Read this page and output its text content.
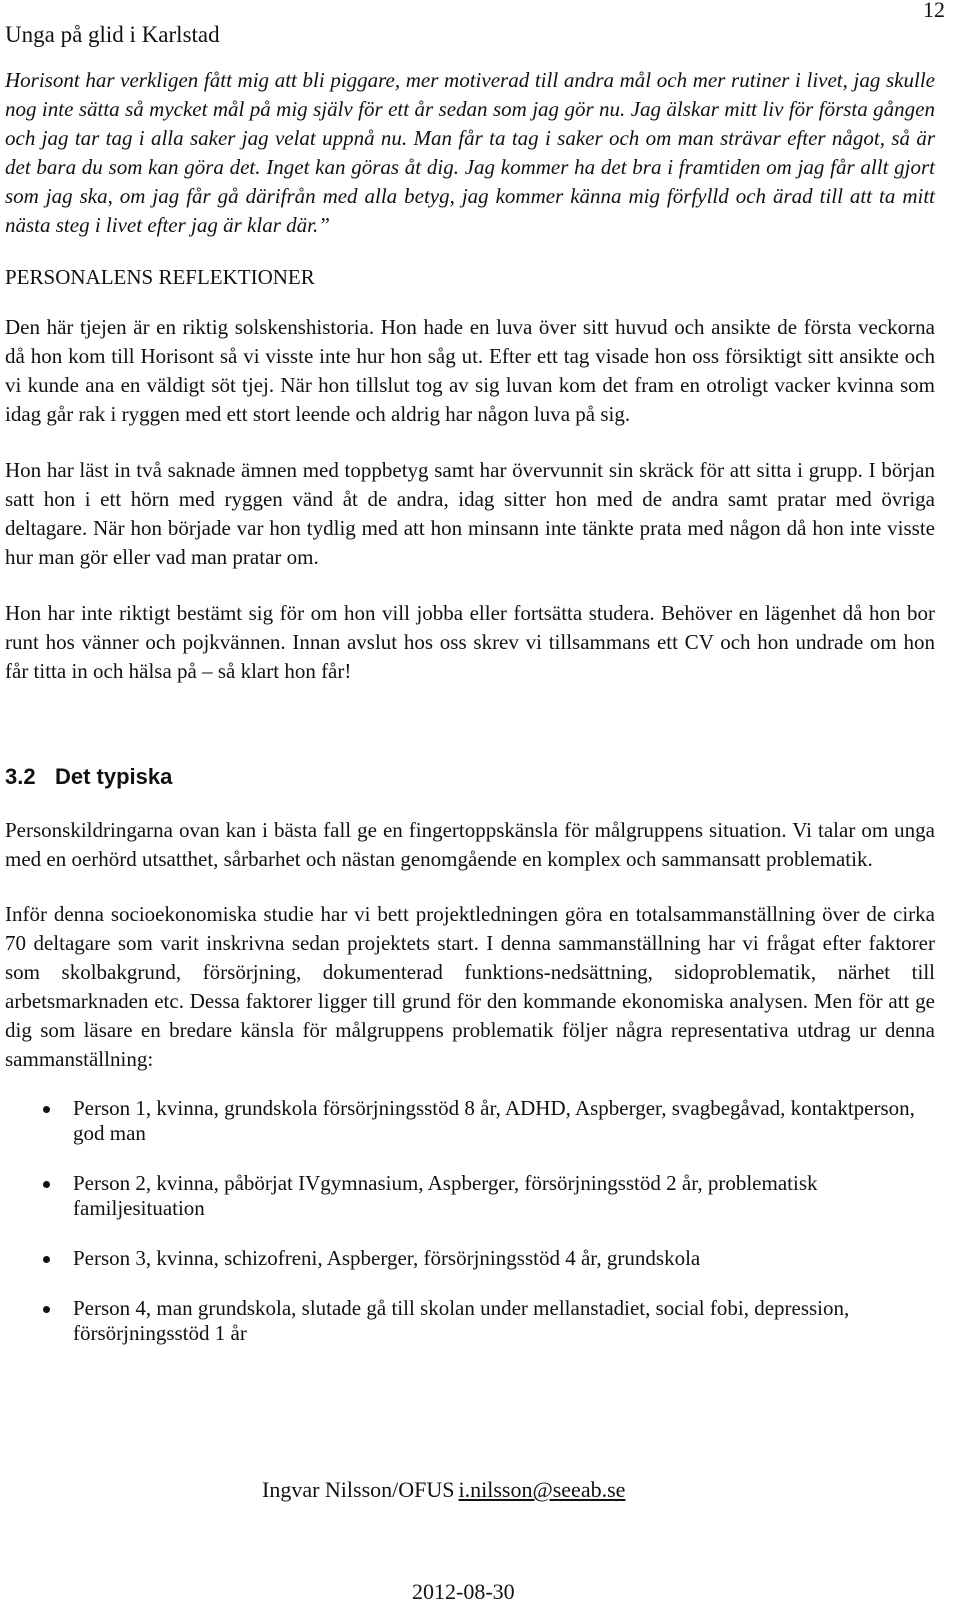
Unga på glid i Karlstad
12

Horisont har verkligen fått mig att bli piggare, mer motiverad till andra mål och mer rutiner i livet, jag skulle nog inte sätta så mycket mål på mig själv för ett år sedan som jag gör nu. Jag älskar mitt liv för första gången och jag tar tag i alla saker jag velat uppnå nu. Man får ta tag i saker och om man strävar efter något, så är det bara du som kan göra det. Inget kan göras åt dig. Jag kommer ha det bra i framtiden om jag får allt gjort som jag ska, om jag får gå därifrån med alla betyg, jag kommer känna mig förfylld och ärad till att ta mitt nästa steg i livet efter jag är klar där.”

PERSONALENS REFLEKTIONER

Den här tjejen är en riktig solskenshistoria. Hon hade en luva över sitt huvud och ansikte de första veckorna då hon kom till Horisont så vi visste inte hur hon såg ut. Efter ett tag visade hon oss försiktigt sitt ansikte och vi kunde ana en väldigt söt tjej. När hon tillslut tog av sig luvan kom det fram en otroligt vacker kvinna som idag går rak i ryggen med ett stort leende och aldrig har någon luva på sig.

Hon har läst in två saknade ämnen med toppbetyg samt har övervunnit sin skräck för att sitta i grupp. I början satt hon i ett hörn med ryggen vänd åt de andra, idag sitter hon med de andra samt pratar med övriga deltagare. När hon började var hon tydlig med att hon minsann inte tänkte prata med någon då hon inte visste hur man gör eller vad man pratar om.

Hon har inte riktigt bestämt sig för om hon vill jobba eller fortsätta studera. Behöver en lägenhet då hon bor runt hos vänner och pojkvännen. Innan avslut hos oss skrev vi tillsammans ett CV och hon undrade om hon får titta in och hälsa på – så klart hon får!

3.2 Det typiska

Personskildringarna ovan kan i bästa fall ge en fingertoppskänsla för målgruppens situation. Vi talar om unga med en oerhörd utsatthet, sårbarhet och nästan genomgående en komplex och sammansatt problematik.

Inför denna socioekonomiska studie har vi bett projektledningen göra en totalsammanställning över de cirka 70 deltagare som varit inskrivna sedan projektets start. I denna sammanställning har vi frågat efter faktorer som skolbakgrund, försörjning, dokumenterad funktions-nedsättning, sidoproblematik, närhet till arbetsmarknaden etc. Dessa faktorer ligger till grund för den kommande ekonomiska analysen. Men för att ge dig som läsare en bredare känsla för målgruppens problematik följer några representativa utdrag ur denna sammanställning:

Person 1, kvinna, grundskola försörjningsstöd 8 år, ADHD, Aspberger, svagbegåvad, kontaktperson, god man
Person 2, kvinna, påbörjat IVgymnasium, Aspberger, försörjningsstöd 2 år, problematisk familjesituation
Person 3, kvinna, schizofreni, Aspberger, försörjningsstöd 4 år, grundskola
Person 4, man grundskola, slutade gå till skolan under mellanstadiet, social fobi, depression, försörjningsstöd 1 år
Ingvar Nilsson/OFUS i.nilsson@seeab.se
2012-08-30
